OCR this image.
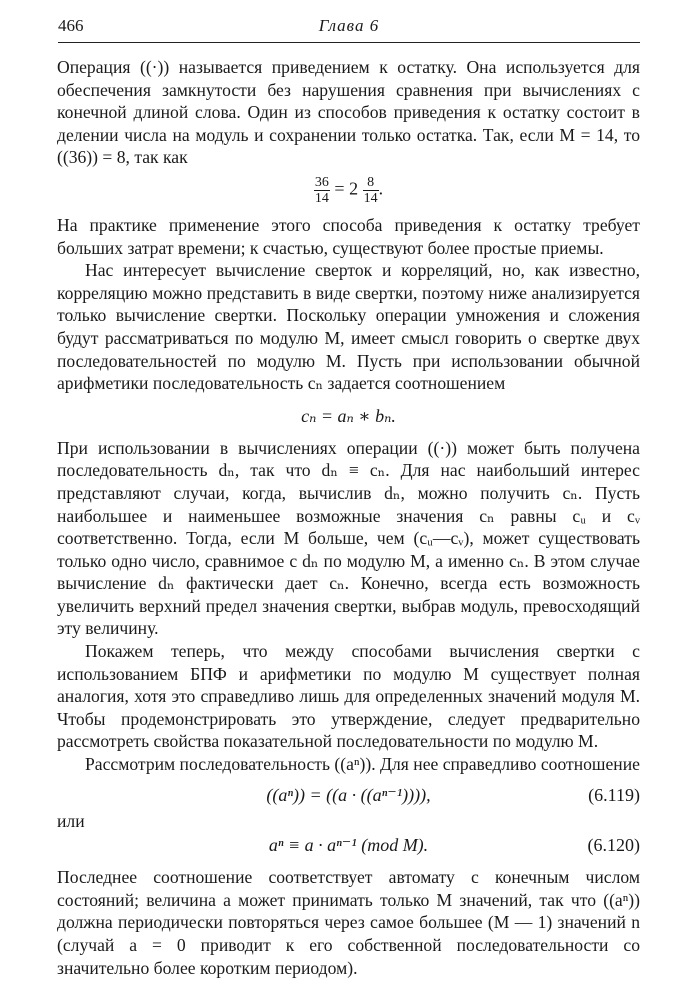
466	Глава 6

Операция ((·)) называется приведением к остатку. Она используется для обеспечения замкнутости без нарушения сравнения при вычислениях с конечной длиной слова. Один из способов приведения к остатку состоит в делении числа на модуль и сохранении только остатка. Так, если M = 14, то ((36)) = 8, так как

$\frac{36}{14} = 2 \frac{8}{14}$ .

На практике применение этого способа приведения к остатку требует больших затрат времени; к счастью, существуют более простые приемы.

Нас интересует вычисление сверток и корреляций, но, как известно, корреляцию можно представить в виде свертки, поэтому ниже анализируется только вычисление свертки. Поскольку операции умножения и сложения будут рассматриваться по модулю M, имеет смысл говорить о свертке двух последовательностей по модулю M. Пусть при использовании обычной арифметики последовательность cₙ задается соотношением

cₙ = aₙ ∗ bₙ.

При использовании в вычислениях операции ((·)) может быть получена последовательность dₙ, так что dₙ ≡ cₙ. Для нас наибольший интерес представляют случаи, когда, вычислив dₙ, можно получить cₙ. Пусть наибольшее и наименьшее возможные значения cₙ равны cᵤ и cᵥ соответственно. Тогда, если M больше, чем (cᵤ—cᵥ), может существовать только одно число, сравнимое с dₙ по модулю M, а именно cₙ. В этом случае вычисление dₙ фактически дает cₙ. Конечно, всегда есть возможность увеличить верхний предел значения свертки, выбрав модуль, превосходящий эту величину.

Покажем теперь, что между способами вычисления свертки с использованием БПФ и арифметики по модулю M существует полная аналогия, хотя это справедливо лишь для определенных значений модуля M. Чтобы продемонстрировать это утверждение, следует предварительно рассмотреть свойства показательной последовательности по модулю M.

Рассмотрим последовательность ((aⁿ)). Для нее справедливо соотношение

((aⁿ)) = ((a · ((aⁿ⁻¹)))),	(6.119)

или

aⁿ ≡ a · aⁿ⁻¹ (mod M).	(6.120)

Последнее соотношение соответствует автомату с конечным числом состояний; величина a может принимать только M значений, так что ((aⁿ)) должна периодически повторяться через самое большее (M — 1) значений n (случай a = 0 приводит к его собственной последовательности со значительно более коротким периодом).
